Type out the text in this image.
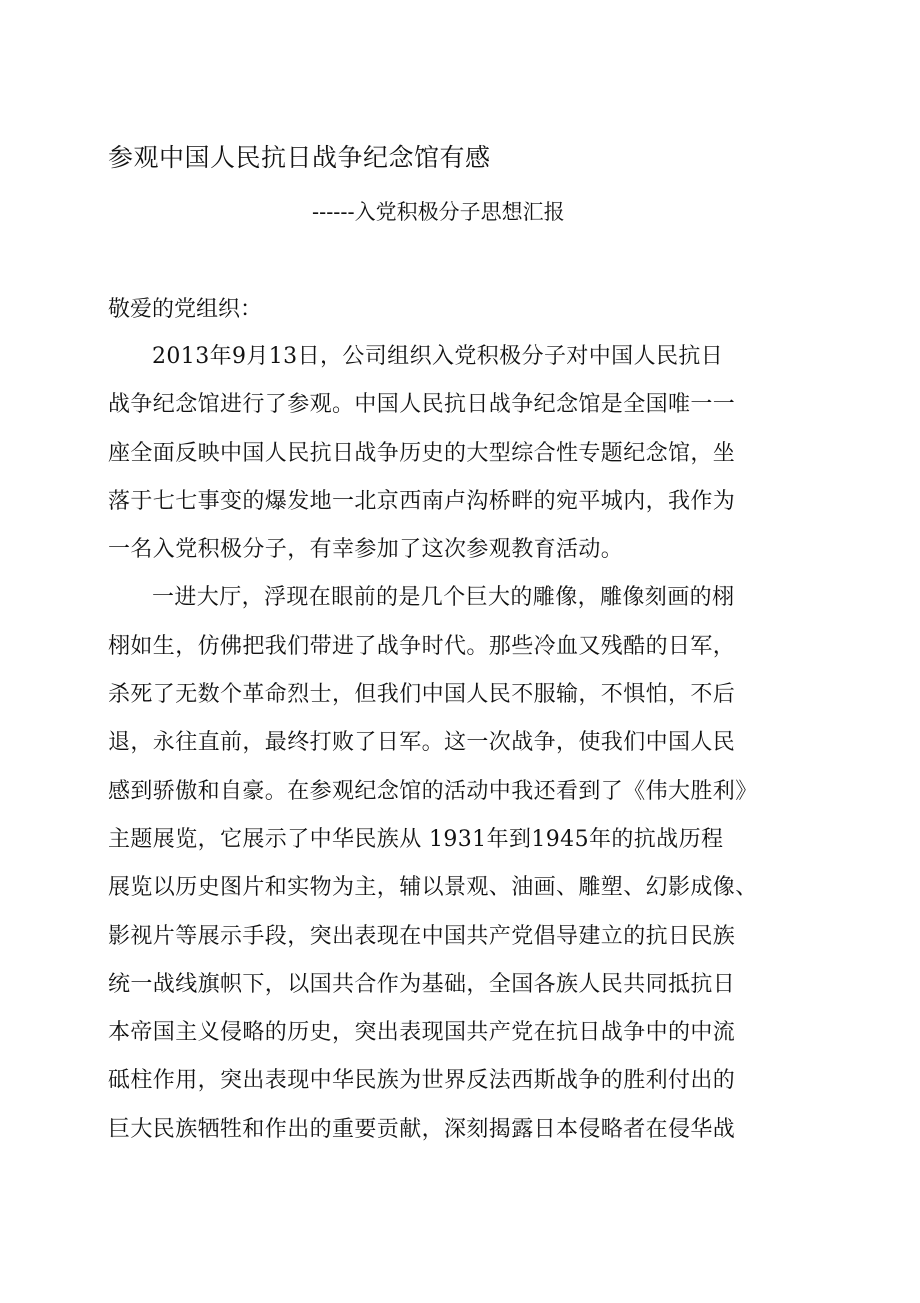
参观中国人民抗日战争纪念馆有感
------入党积极分子思想汇报
敬爱的党组织：
2013年9月13日，公司组织入党积极分子对中国人民抗日
战争纪念馆进行了参观。中国人民抗日战争纪念馆是全国唯一一
座全面反映中国人民抗日战争历史的大型综合性专题纪念馆，坐
落于七七事变的爆发地一北京西南卢沟桥畔的宛平城内，我作为
一名入党积极分子，有幸参加了这次参观教育活动。
一进大厅，浮现在眼前的是几个巨大的雕像，雕像刻画的栩
栩如生，仿佛把我们带进了战争时代。那些冷血又残酷的日军，
杀死了无数个革命烈士，但我们中国人民不服输，不惧怕，不后
退，永往直前，最终打败了日军。这一次战争，使我们中国人民
感到骄傲和自豪。在参观纪念馆的活动中我还看到了《伟大胜利》
主题展览，它展示了中华民族从 1931年到1945年的抗战历程
展览以历史图片和实物为主，辅以景观、油画、雕塑、幻影成像、
影视片等展示手段，突出表现在中国共产党倡导建立的抗日民族
统一战线旗帜下，以国共合作为基础，全国各族人民共同抵抗日
本帝国主义侵略的历史，突出表现国共产党在抗日战争中的中流
砥柱作用，突出表现中华民族为世界反法西斯战争的胜利付出的
巨大民族牺牲和作出的重要贡献，深刻揭露日本侵略者在侵华战
